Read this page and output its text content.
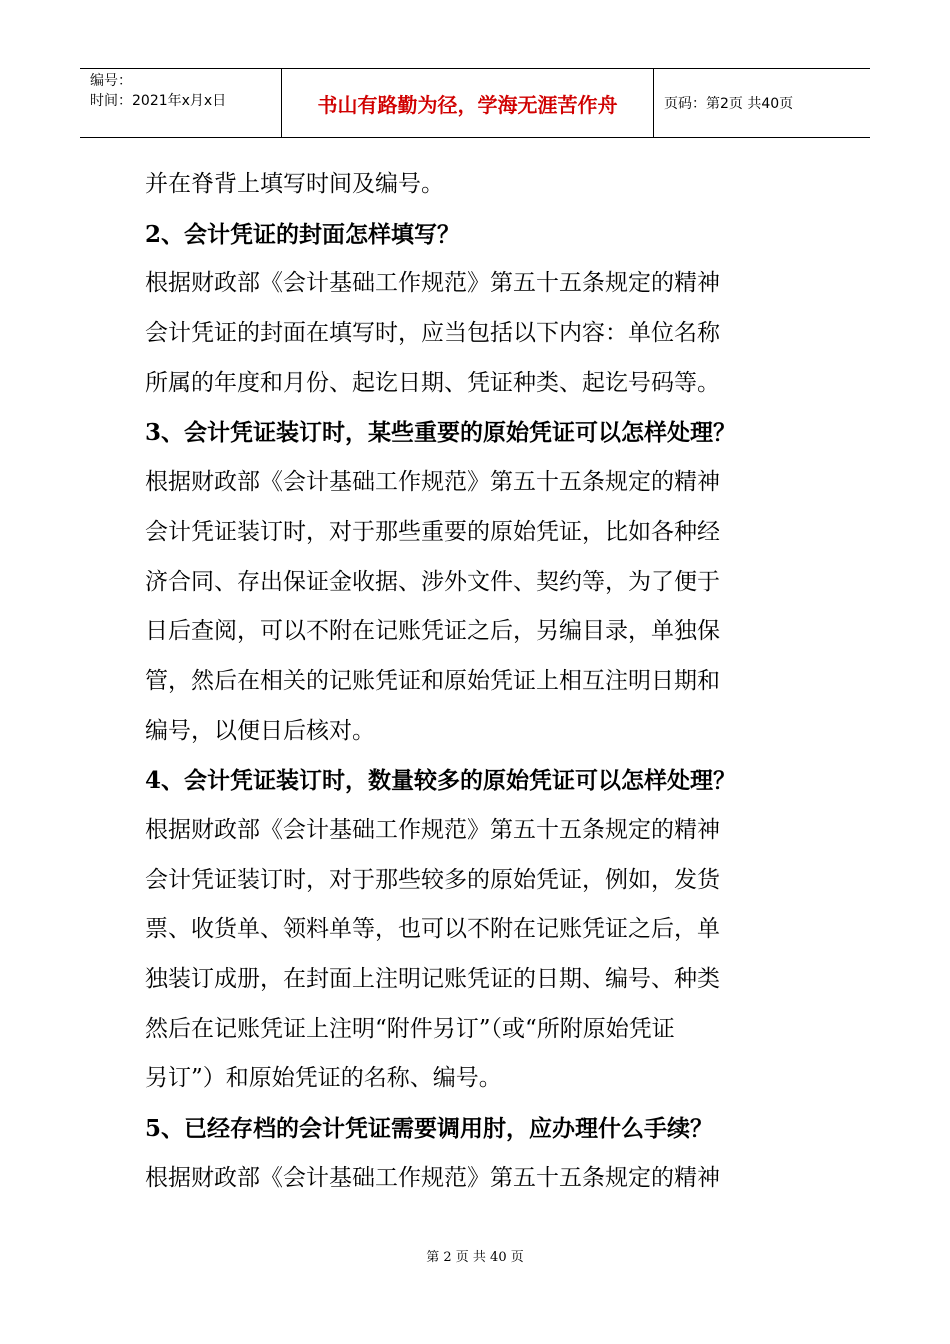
编号：
时间：2021年x月x日	书山有路勤为径，学海无涯苦作舟	页码：第2页 共40页
并在脊背上填写时间及编号。
2、会计凭证的封面怎样填写？
根据财政部《会计基础工作规范》第五十五条规定的精神
会计凭证的封面在填写时，应当包括以下内容：单位名称
所属的年度和月份、起讫日期、凭证种类、起讫号码等。
3、会计凭证装订时，某些重要的原始凭证可以怎样处理？
根据财政部《会计基础工作规范》第五十五条规定的精神
会计凭证装订时，对于那些重要的原始凭证，比如各种经
济合同、存出保证金收据、涉外文件、契约等，为了便于
日后查阅，可以不附在记账凭证之后，另编目录，单独保
管，然后在相关的记账凭证和原始凭证上相互注明日期和
编号，以便日后核对。
4、会计凭证装订时，数量较多的原始凭证可以怎样处理？
根据财政部《会计基础工作规范》第五十五条规定的精神
会计凭证装订时，对于那些较多的原始凭证，例如，发货
票、收货单、领料单等，也可以不附在记账凭证之后，单
独装订成册，在封面上注明记账凭证的日期、编号、种类
然后在记账凭证上注明“附件另订”（或“所附原始凭证
另订”）和原始凭证的名称、编号。
5、已经存档的会计凭证需要调用肘，应办理什么手续？
根据财政部《会计基础工作规范》第五十五条规定的精神
第 2 页 共 40 页
